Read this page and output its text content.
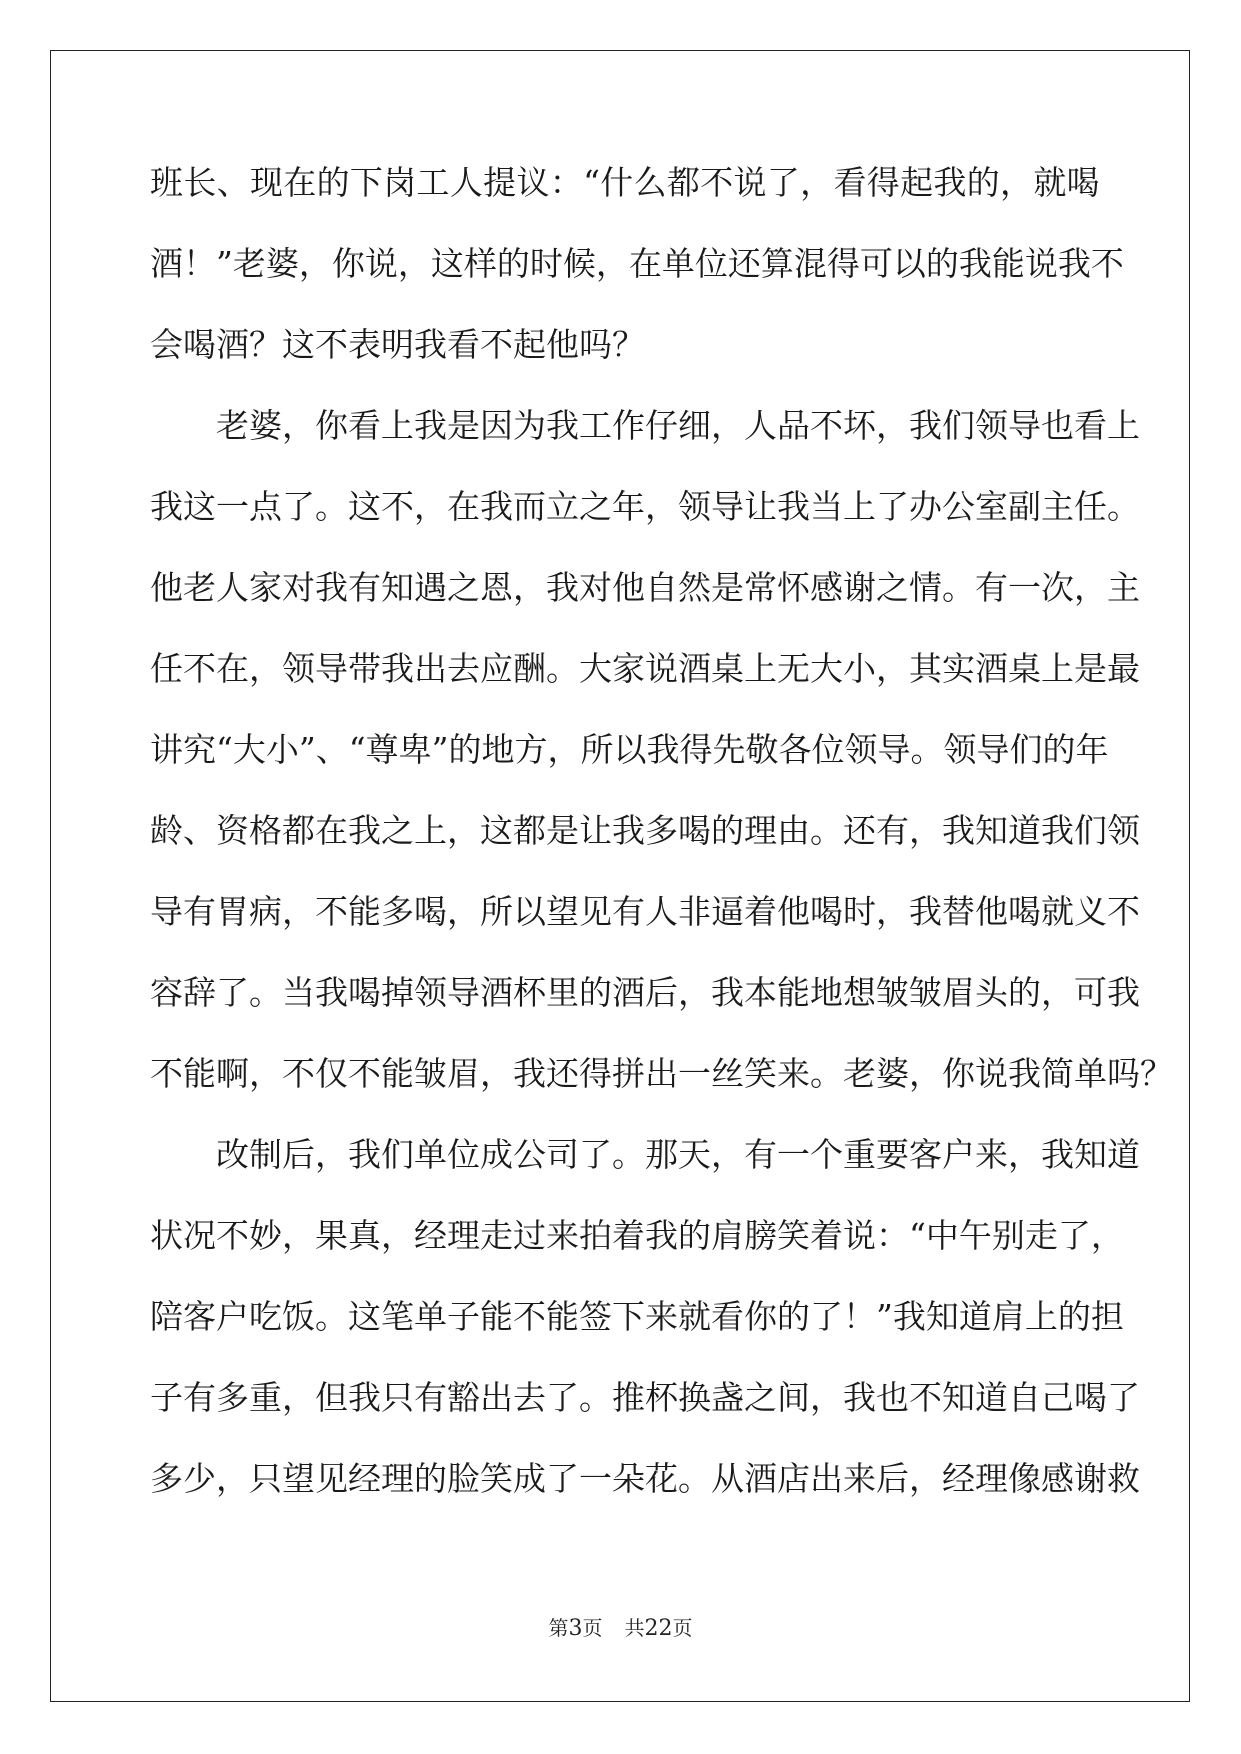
班 长 、 现 在 的 下 岗 工 人 提 议 ： “ 什 么 都 不 说 了 ， 看 得 起 我 的 ， 就 喝
酒 ！ ” 老 婆 ， 你 说 ， 这 样 的 时 候 ， 在 单 位 还 算 混 得 可 以 的 我 能 说 我 不
会喝酒？这不表明我看不起他吗？

老 婆 ， 你 看 上 我 是 因 为 我 工 作 仔 细 ， 人 品 不 坏 ， 我 们 领 导 也 看 上
我 这 一 点 了 。 这 不 ， 在 我 而 立 之 年 ， 领 导 让 我 当 上 了 办 公 室 副 主 任 。
他 老 人 家 对 我 有 知 遇 之 恩 ， 我 对 他 自 然 是 常 怀 感 谢 之 情 。 有 一 次 ， 主
任 不 在 ， 领 导 带 我 出 去 应 酬 。 大 家 说 酒 桌 上 无 大 小 ， 其 实 酒 桌 上 是 最
讲 究 “ 大 小 ” 、 “ 尊 卑 ” 的 地 方 ， 所 以 我 得 先 敬 各 位 领 导 。 领 导 们 的 年
龄 、 资 格 都 在 我 之 上 ， 这 都 是 让 我 多 喝 的 理 由 。 还 有 ， 我 知 道 我 们 领
导 有 胃 病 ， 不 能 多 喝 ， 所 以 望 见 有 人 非 逼 着 他 喝 时 ， 我 替 他 喝 就 义 不
容 辞 了 。 当 我 喝 掉 领 导 酒 杯 里 的 酒 后 ， 我 本 能 地 想 皱 皱 眉 头 的 ， 可 我
不 能 啊 ， 不 仅 不 能 皱 眉 ， 我 还 得 拼 出 一 丝 笑 来 。 老 婆 ， 你 说 我 简 单 吗 ？

改 制 后 ， 我 们 单 位 成 公 司 了 。 那 天 ， 有 一 个 重 要 客 户 来 ， 我 知 道
状 况 不 妙 ， 果 真 ， 经 理 走 过 来 拍 着 我 的 肩 膀 笑 着 说 ： “ 中 午 别 走 了 ，
陪 客 户 吃 饭 。 这 笔 单 子 能 不 能 签 下 来 就 看 你 的 了 ！ ” 我 知 道 肩 上 的 担
子 有 多 重 ， 但 我 只 有 豁 出 去 了 。 推 杯 换 盏 之 间 ， 我 也 不 知 道 自 己 喝 了
多 少 ， 只 望 见 经 理 的 脸 笑 成 了 一 朵 花 。 从 酒 店 出 来 后 ， 经 理 像 感 谢 救
第3页 共22页
